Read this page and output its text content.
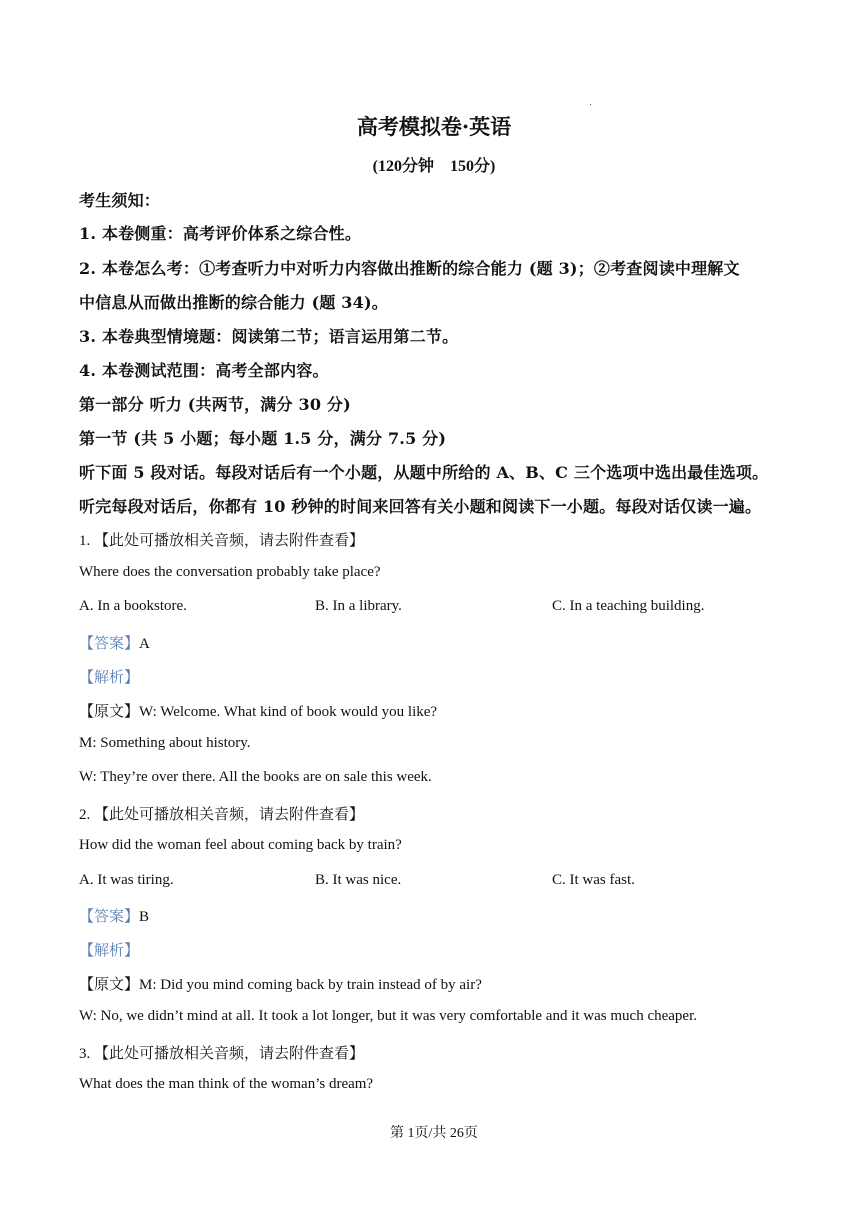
高考模拟卷·英语
(120分钟　150分)
考生须知：
1. 本卷侧重：高考评价体系之综合性。
2. 本卷怎么考：①考查听力中对听力内容做出推断的综合能力 (题 3)；②考查阅读中理解文
中信息从而做出推断的综合能力 (题 34)。
3. 本卷典型情境题：阅读第二节；语言运用第二节。
4. 本卷测试范围：高考全部内容。
第一部分 听力 (共两节，满分 30 分)
第一节 (共 5 小题；每小题 1.5 分，满分 7.5 分)
听下面 5 段对话。每段对话后有一个小题，从题中所给的 A、B、C 三个选项中选出最佳选项。
听完每段对话后，你都有 10 秒钟的时间来回答有关小题和阅读下一小题。每段对话仅读一遍。
1. 【此处可播放相关音频，请去附件查看】
Where does the conversation probably take place?
A. In a bookstore.	B. In a library.	C. In a teaching building.
【答案】A
【解析】
【原文】W: Welcome. What kind of book would you like?
M: Something about history.
W: They’re over there. All the books are on sale this week.
2. 【此处可播放相关音频，请去附件查看】
How did the woman feel about coming back by train?
A. It was tiring.	B. It was nice.	C. It was fast.
【答案】B
【解析】
【原文】M: Did you mind coming back by train instead of by air?
W: No, we didn’t mind at all. It took a lot longer, but it was very comfortable and it was much cheaper.
3. 【此处可播放相关音频，请去附件查看】
What does the man think of the woman’s dream?
第 1页/共 26页
